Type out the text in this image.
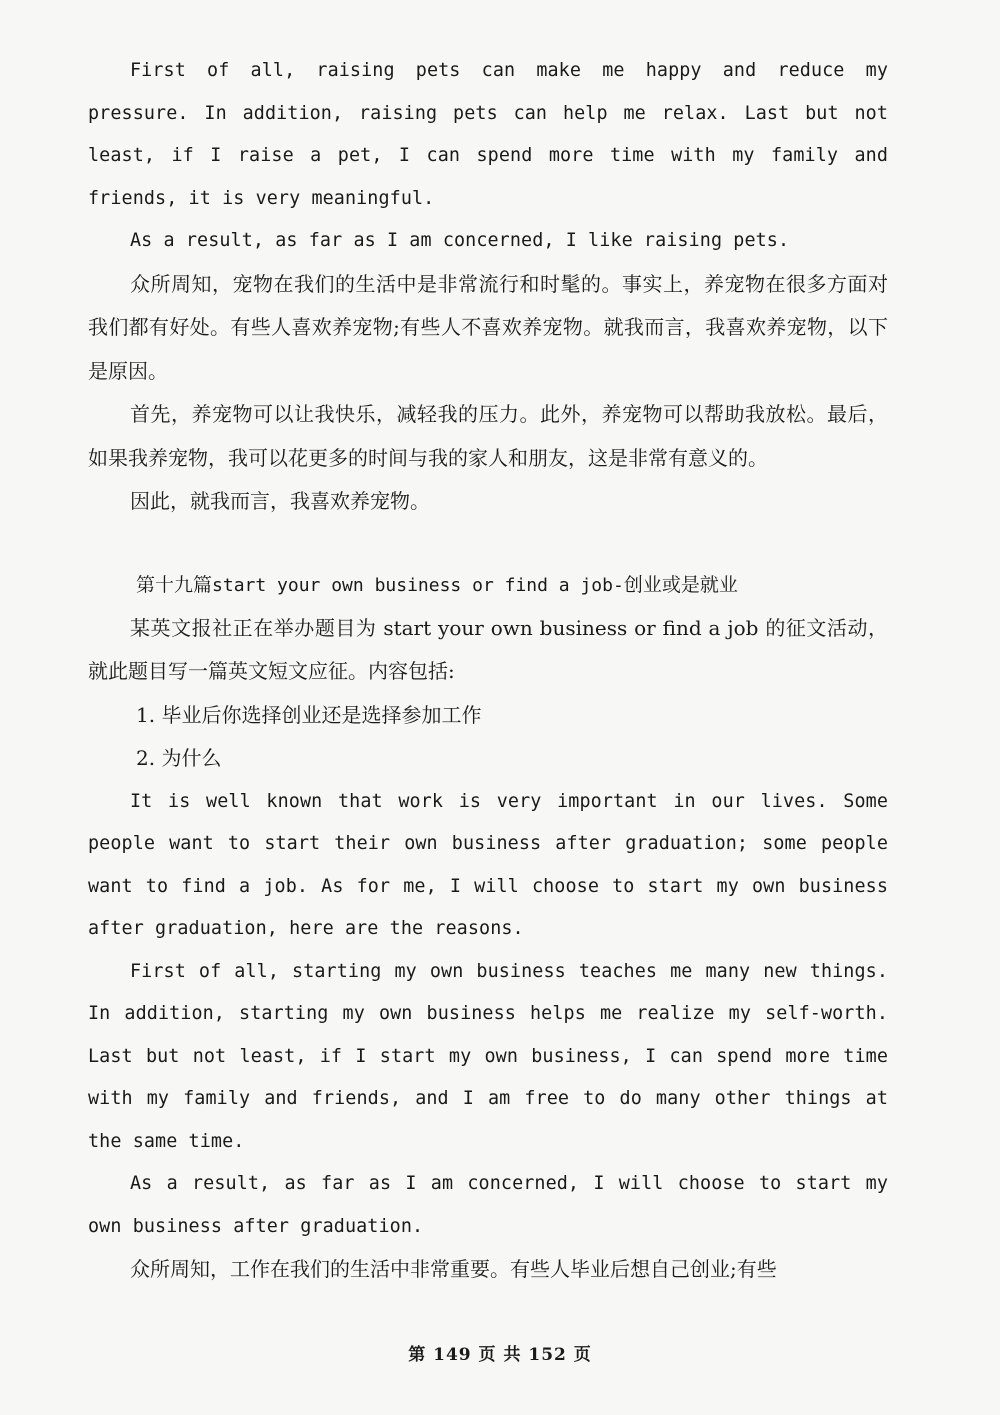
First of all, raising pets can make me happy and reduce my pressure. In addition, raising pets can help me relax. Last but not least, if I raise a pet, I can spend more time with my family and friends, it is very meaningful.

As a result, as far as I am concerned, I like raising pets.

众所周知，宠物在我们的生活中是非常流行和时髦的。事实上，养宠物在很多方面对我们都有好处。有些人喜欢养宠物;有些人不喜欢养宠物。就我而言，我喜欢养宠物，以下是原因。

首先，养宠物可以让我快乐，减轻我的压力。此外，养宠物可以帮助我放松。最后，如果我养宠物，我可以花更多的时间与我的家人和朋友，这是非常有意义的。

因此，就我而言，我喜欢养宠物。

第十九篇start your own business or find a job-创业或是就业

某英文报社正在举办题目为 start your own business or find a job 的征文活动，就此题目写一篇英文短文应征。内容包括:

1. 毕业后你选择创业还是选择参加工作

2. 为什么

It is well known that work is very important in our lives. Some people want to start their own business after graduation; some people want to find a job. As for me, I will choose to start my own business after graduation, here are the reasons.

First of all, starting my own business teaches me many new things. In addition, starting my own business helps me realize my self-worth. Last but not least, if I start my own business, I can spend more time with my family and friends, and I am free to do many other things at the same time.

As a result, as far as I am concerned, I will choose to start my own business after graduation.

众所周知，工作在我们的生活中非常重要。有些人毕业后想自己创业;有些

第 149 页 共 152 页
